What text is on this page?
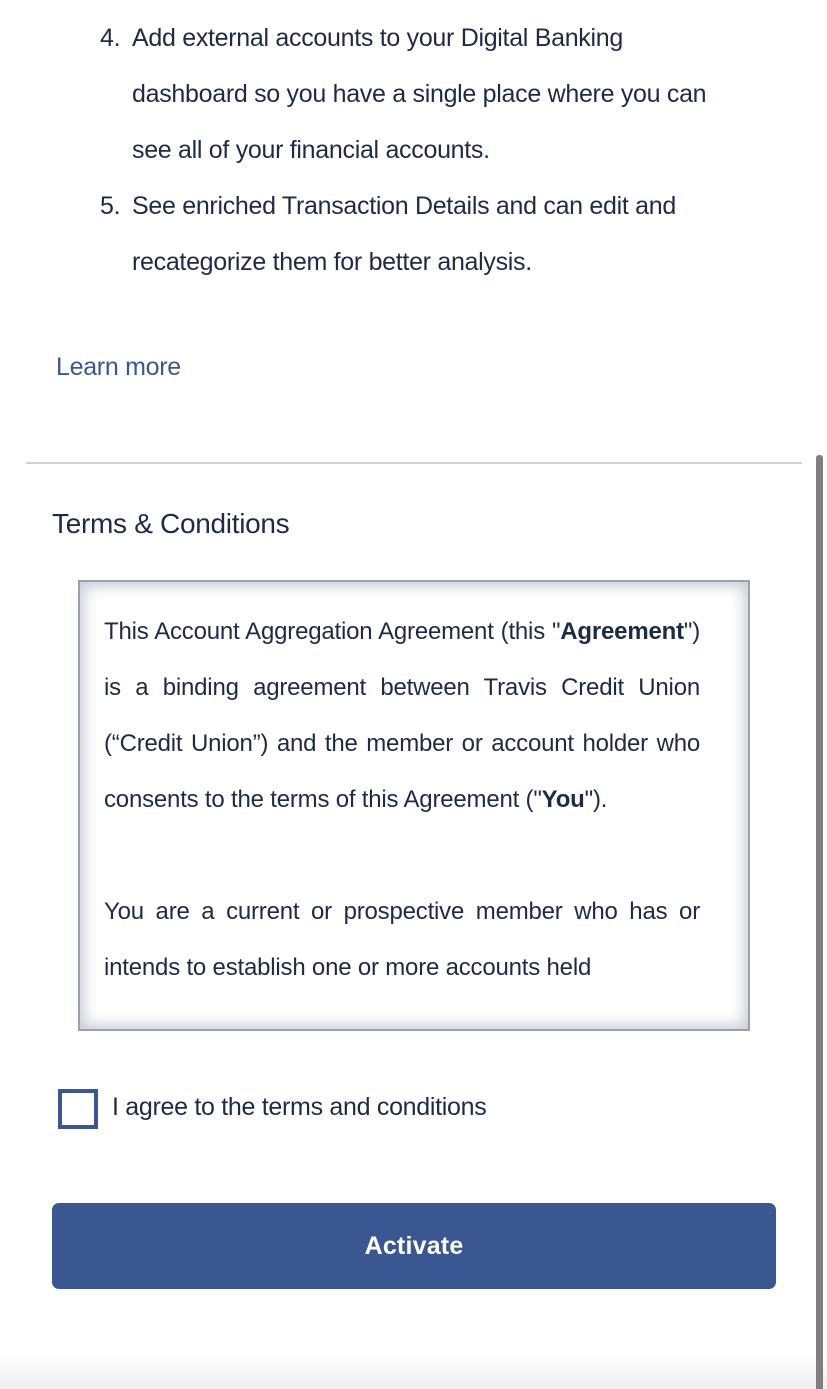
4. Add external accounts to your Digital Banking
dashboard so you have a single place where you can
see all of your financial accounts.
5. See enriched Transaction Details and can edit and
recategorize them for better analysis.
Learn more
Terms & Conditions

This Account Aggregation Agreement (this "Agreement") is a binding agreement between Travis Credit Union (“Credit Union”) and the member or account holder who consents to the terms of this Agreement ("You").

You are a current or prospective member who has or intends to establish one or more accounts held

I agree to the terms and conditions
Activate
